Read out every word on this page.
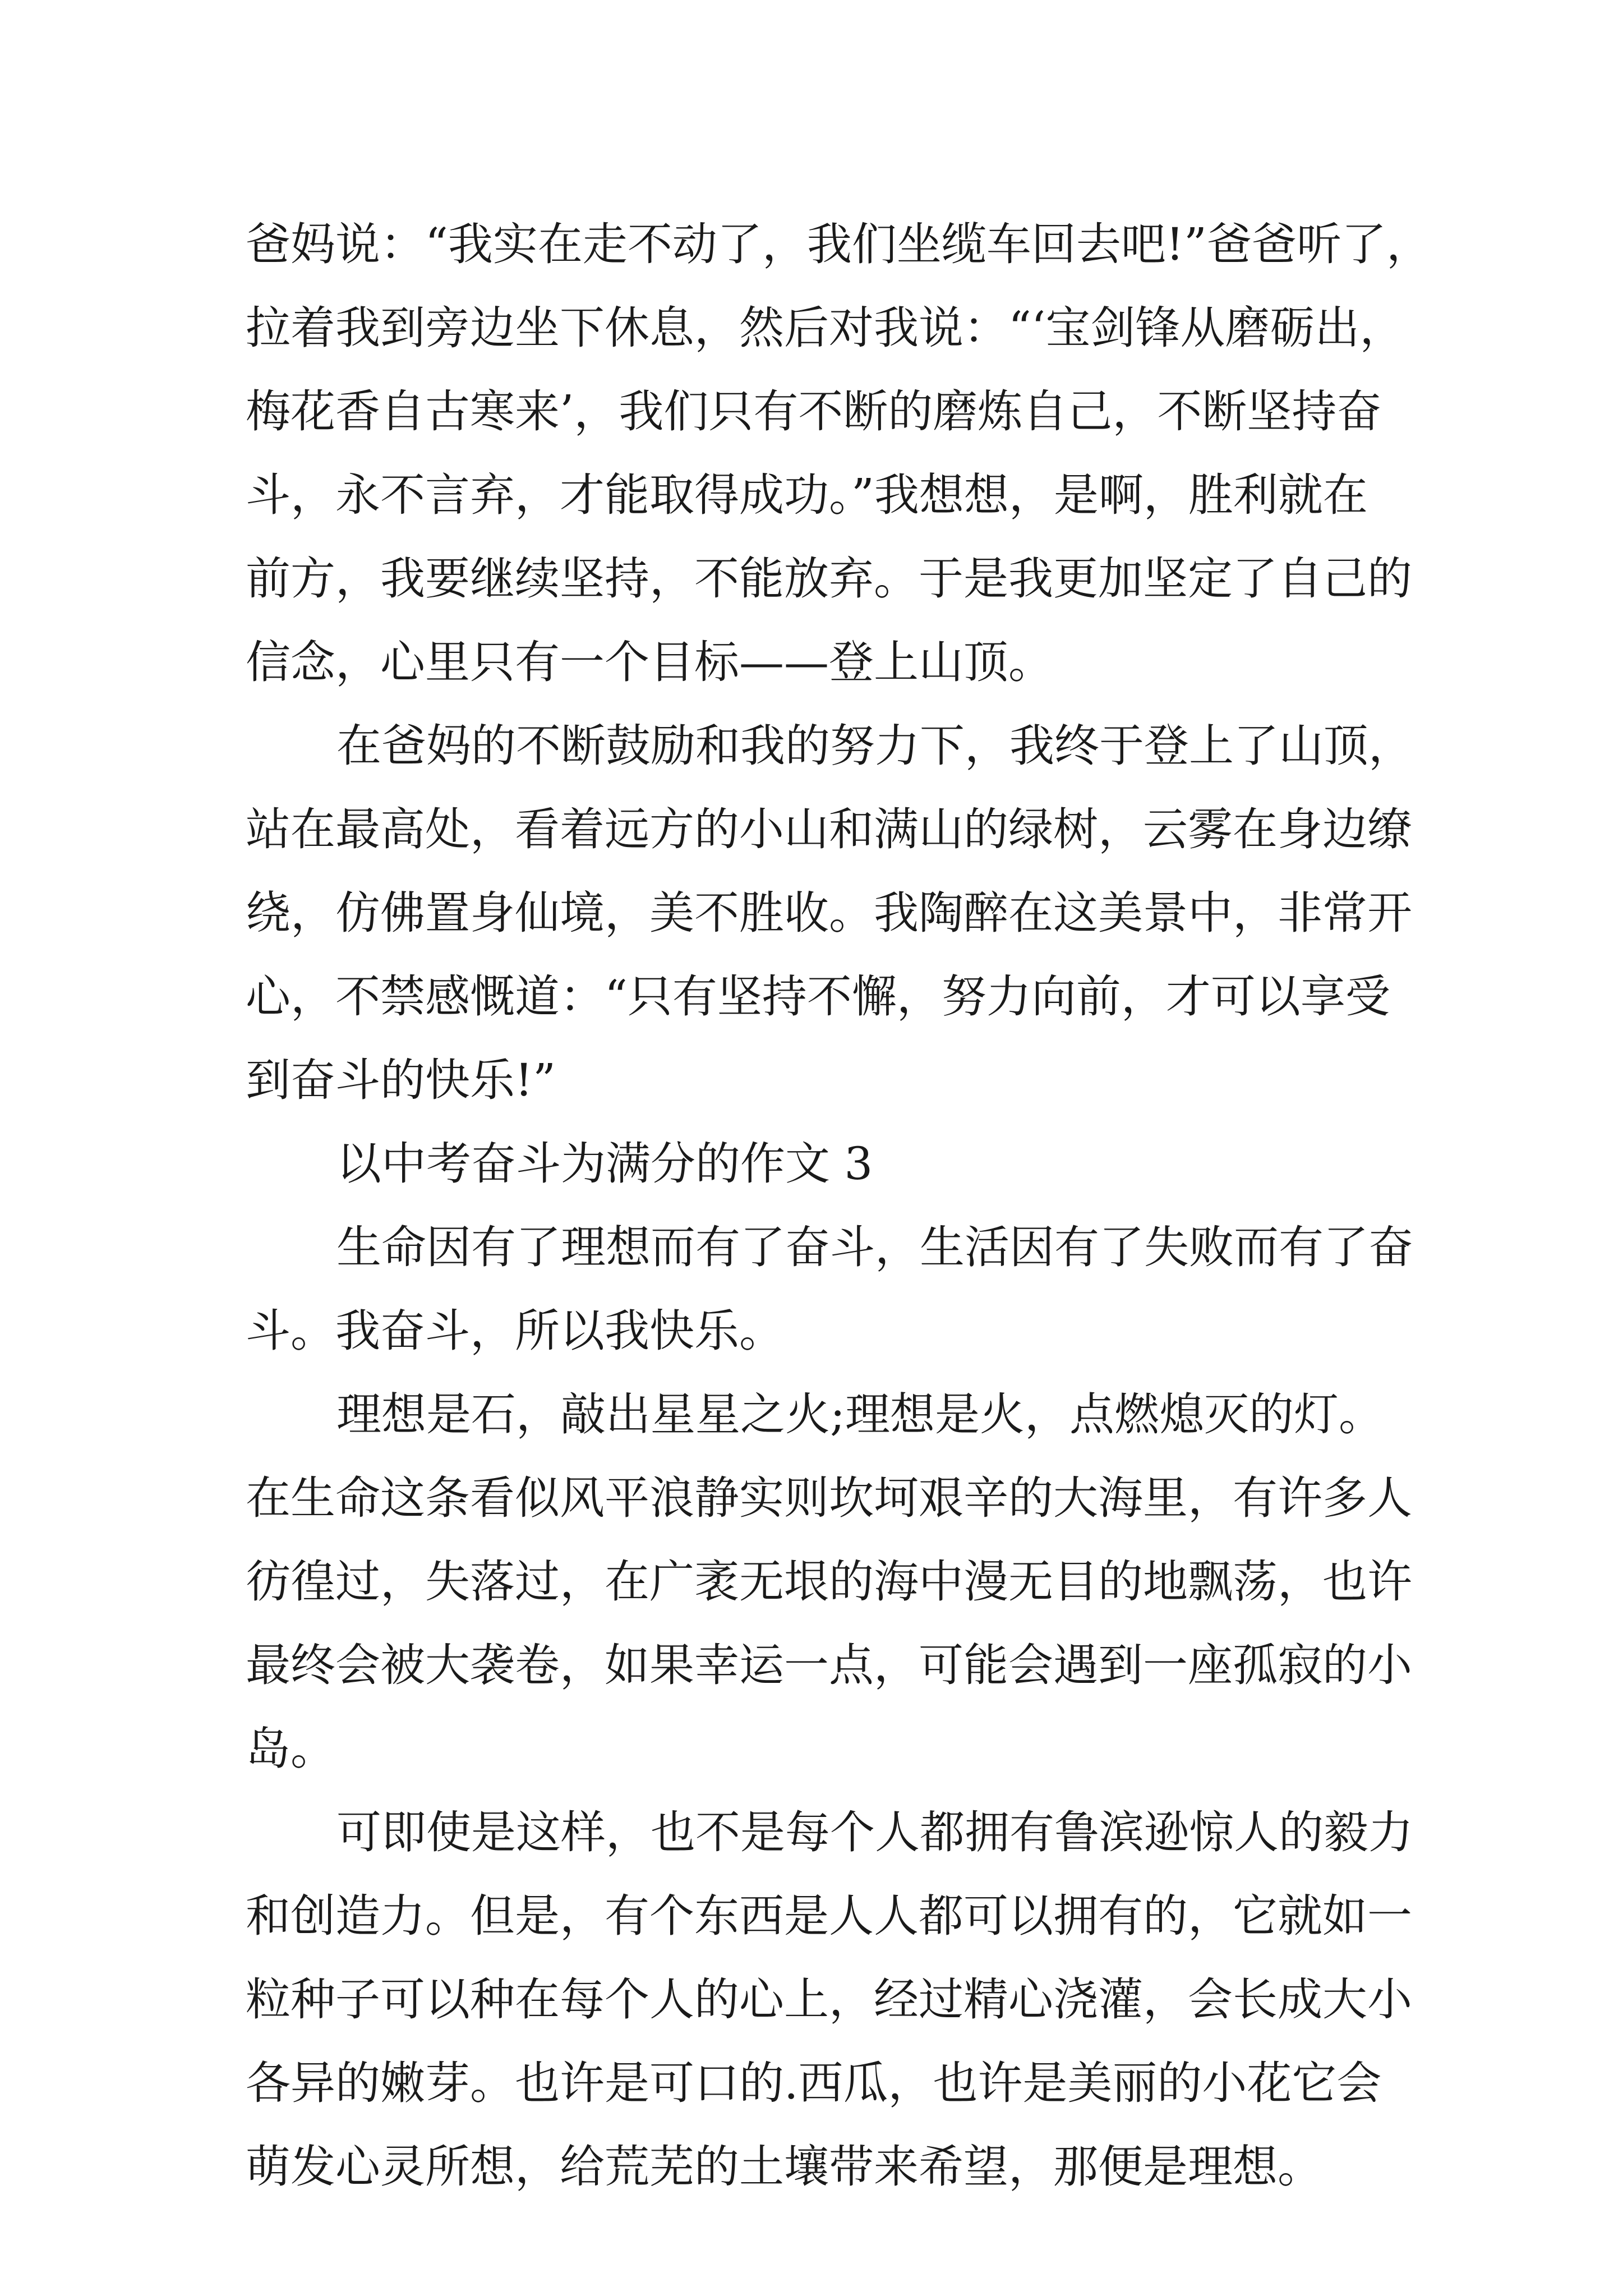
爸妈说：“我实在走不动了，我们坐缆车回去吧!”爸爸听了，
拉着我到旁边坐下休息，然后对我说：“‘宝剑锋从磨砺出，
梅花香自古寒来’，我们只有不断的磨炼自己，不断坚持奋
斗，永不言弃，才能取得成功。”我想想，是啊，胜利就在
前方，我要继续坚持，不能放弃。于是我更加坚定了自己的
信念，心里只有一个目标——登上山顶。
在爸妈的不断鼓励和我的努力下，我终于登上了山顶，
站在最高处，看着远方的小山和满山的绿树，云雾在身边缭
绕，仿佛置身仙境，美不胜收。我陶醉在这美景中，非常开
心，不禁感慨道：“只有坚持不懈，努力向前，才可以享受
到奋斗的快乐!”
以中考奋斗为满分的作文 3
生命因有了理想而有了奋斗，生活因有了失败而有了奋
斗。我奋斗，所以我快乐。
理想是石，敲出星星之火;理想是火，点燃熄灭的灯。
在生命这条看似风平浪静实则坎坷艰辛的大海里，有许多人
彷徨过，失落过，在广袤无垠的海中漫无目的地飘荡，也许
最终会被大袭卷，如果幸运一点，可能会遇到一座孤寂的小
岛。
可即使是这样，也不是每个人都拥有鲁滨逊惊人的毅力
和创造力。但是，有个东西是人人都可以拥有的，它就如一
粒种子可以种在每个人的心上，经过精心浇灌，会长成大小
各异的嫩芽。也许是可口的.西瓜，也许是美丽的小花它会
萌发心灵所想，给荒芜的土壤带来希望，那便是理想。
